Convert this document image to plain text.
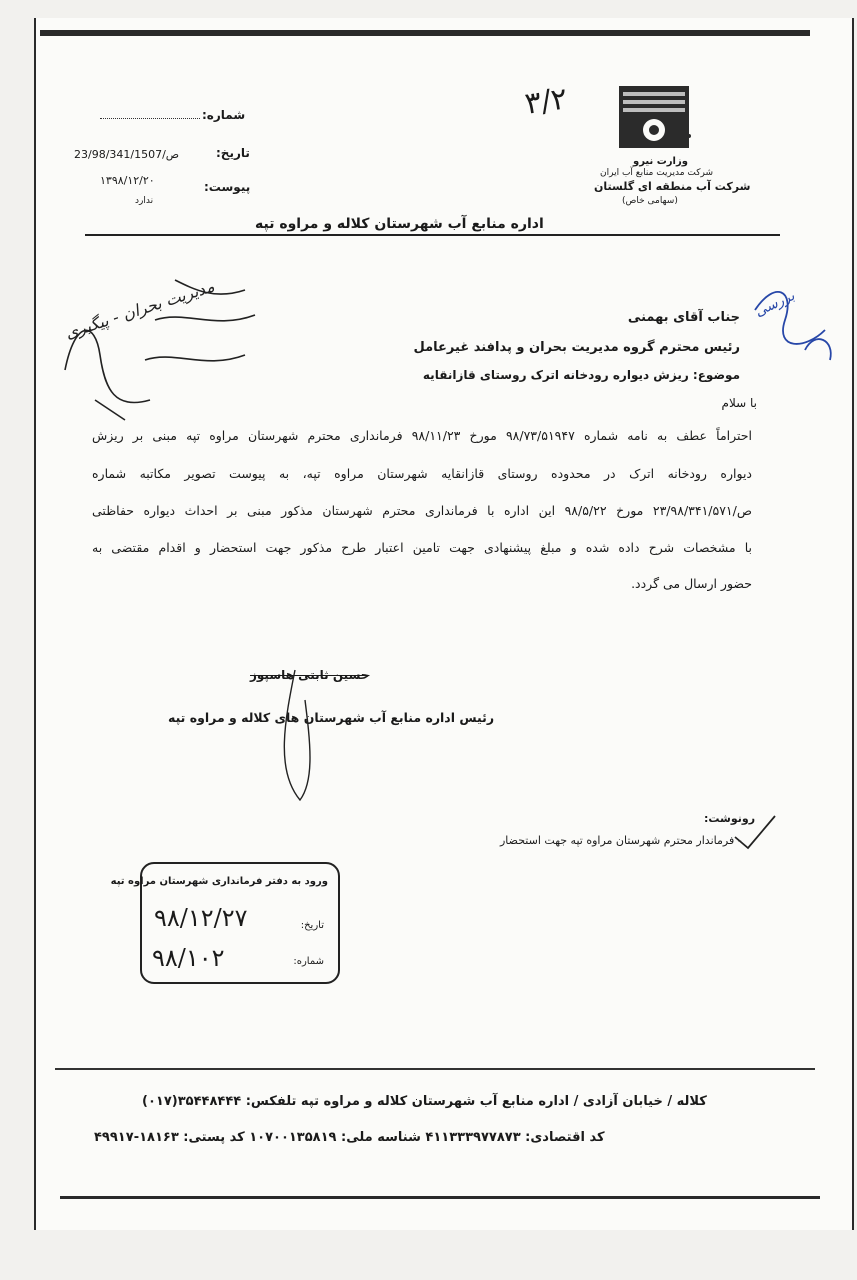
وزارت نیرو
شرکت مدیریت منابع آب ایران
شرکت آب منطقه ای گلستان
(سهامی خاص)
۳/۲
شماره:
تاریخ:
23/98/341/1507/ص
۱۳۹۸/۱۲/۲۰	پیوست:
ندارد
اداره منابع آب شهرستان کلاله و مراوه تپه
جناب آقای بهمنی
رئیس محترم گروه مدیریت بحران و پدافند غیرعامل
موضوع: ریزش دیواره رودخانه اترک روستای قازانقایه
با سلام
احتراماً عطف به نامه شماره ۹۸/۷۳/۵۱۹۴۷ مورخ ۹۸/۱۱/۲۳ فرمانداری محترم شهرستان مراوه تپه مبنی بر ریزش
دیواره رودخانه اترک در محدوده روستای قازانقایه شهرستان مراوه تپه، به پیوست تصویر مکاتبه شماره
ص/۲۳/۹۸/۳۴۱/۵۷۱ مورخ ۹۸/۵/۲۲ این اداره با فرمانداری محترم شهرستان مذکور مبنی بر احداث دیواره حفاظتی
با مشخصات شرح داده شده و مبلغ پیشنهادی جهت تامین اعتبار طرح مذکور جهت استحضار و اقدام مقتضی به
حضور ارسال می گردد.
حسین ثابتی هاسپوز
رئیس اداره منابع آب شهرستان های کلاله و مراوه تپه
رونوشت:
- فرماندار محترم شهرستان مراوه تپه جهت استحضار
ورود به دفتر فرمانداری شهرستان مراوه تپه
تاریخ:
۹۸/۱۲/۲۷
شماره:
۹۸/۱۰۲
مدیریت بحران - پیگیری	بررسی
کلاله / خیابان آزادی / اداره منابع آب شهرستان کلاله و مراوه تپه تلفکس: ۳۵۴۴۸۴۴۴(۰۱۷)
کد اقتصادی: ۴۱۱۳۳۳۹۷۷۸۷۳ شناسه ملی: ۱۰۷۰۰۱۳۵۸۱۹ کد پستی: ۱۸۱۶۳-۴۹۹۱۷
